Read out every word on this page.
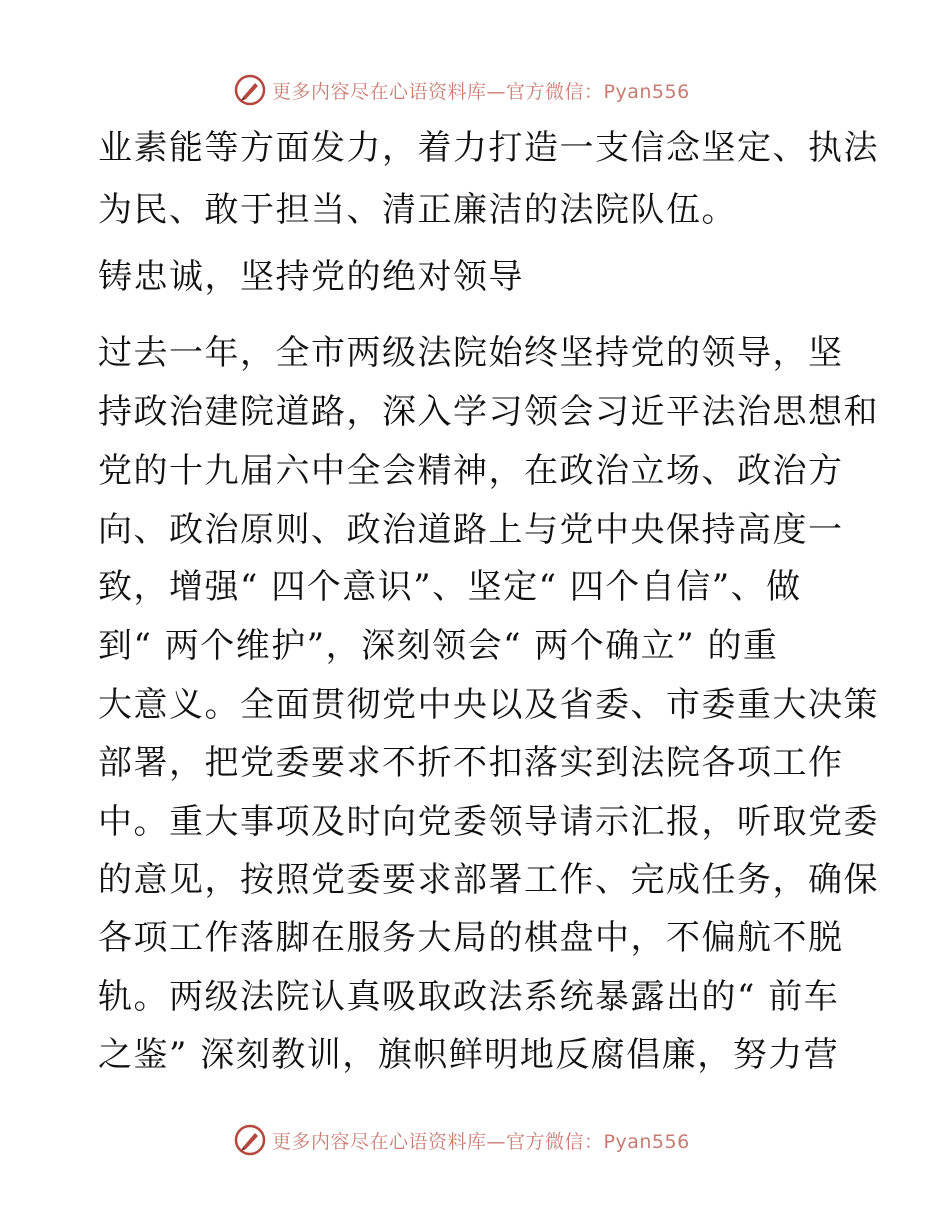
更多内容尽在心语资料库—官方微信：Pyan556
业素能等方面发力，着力打造一支信念坚定、执法
为民、敢于担当、清正廉洁的法院队伍。
铸忠诚，坚持党的绝对领导
过去一年，全市两级法院始终坚持党的领导，坚
持政治建院道路，深入学习领会习近平法治思想和
党的十九届六中全会精神，在政治立场、政治方
向、政治原则、政治道路上与党中央保持高度一
致，增强“ 四个意识”、坚定“ 四个自信”、做
到“ 两个维护”，深刻领会“ 两个确立” 的重
大意义。全面贯彻党中央以及省委、市委重大决策
部署，把党委要求不折不扣落实到法院各项工作
中。重大事项及时向党委领导请示汇报，听取党委
的意见，按照党委要求部署工作、完成任务，确保
各项工作落脚在服务大局的棋盘中，不偏航不脱
轨。两级法院认真吸取政法系统暴露出的“ 前车
之鉴” 深刻教训，旗帜鲜明地反腐倡廉，努力营
更多内容尽在心语资料库—官方微信：Pyan556
